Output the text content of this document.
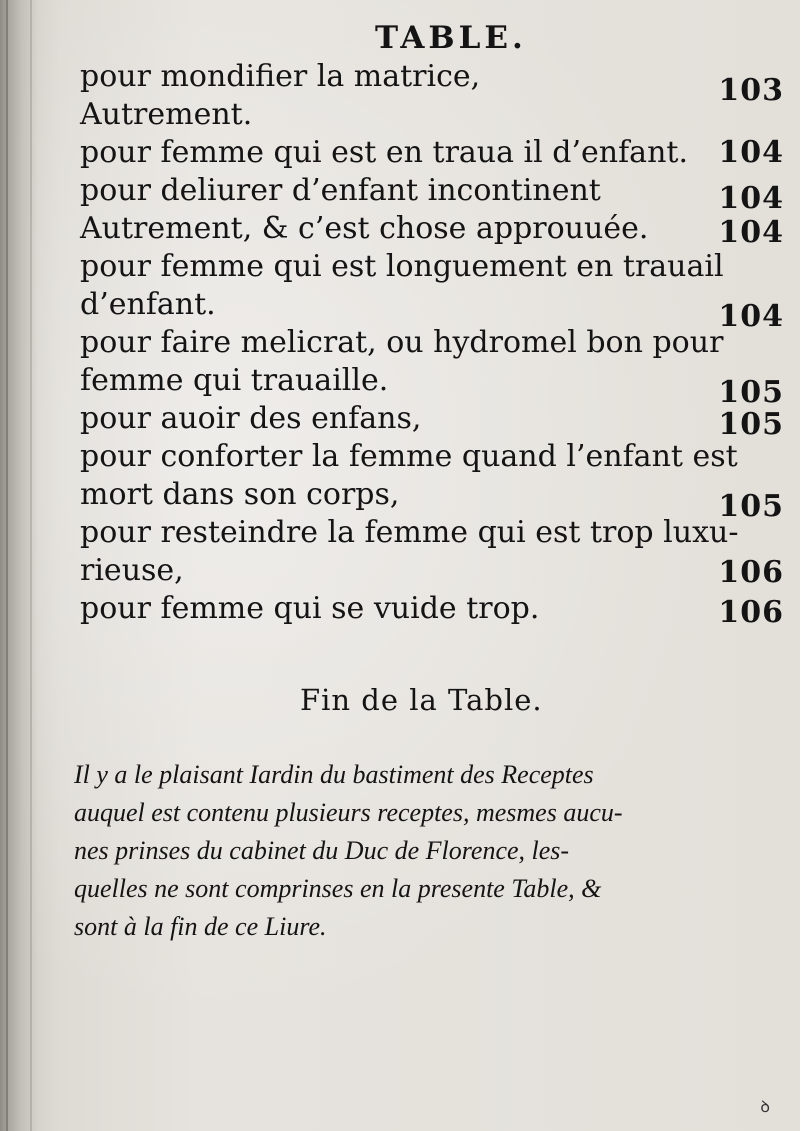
TABLE.
pour mondifier la matrice,	103
Autrement.
pour femme qui est en traua il d’enfant.	104
pour deliurer d’enfant incontinent	104
Autrement, & c’est chose approuuée.	104
pour femme qui est longuement en trauail
d’enfant.	104
pour faire melicrat, ou hydromel bon pour
femme qui trauaille.	105
pour auoir des enfans,	105
pour conforter la femme quand l’enfant est
mort dans son corps,	105
pour resteindre la femme qui est trop luxu-
rieuse,	106
pour femme qui se vuide trop.	106
Fin de la Table.
Il y a le plaisant Iardin du bastiment des Receptes
auquel est contenu plusieurs receptes, mesmes aucu-
nes prinses du cabinet du Duc de Florence, les-
quelles ne sont comprinses en la presente Table, &
sont à la fin de ce Liure.
ꝺ
